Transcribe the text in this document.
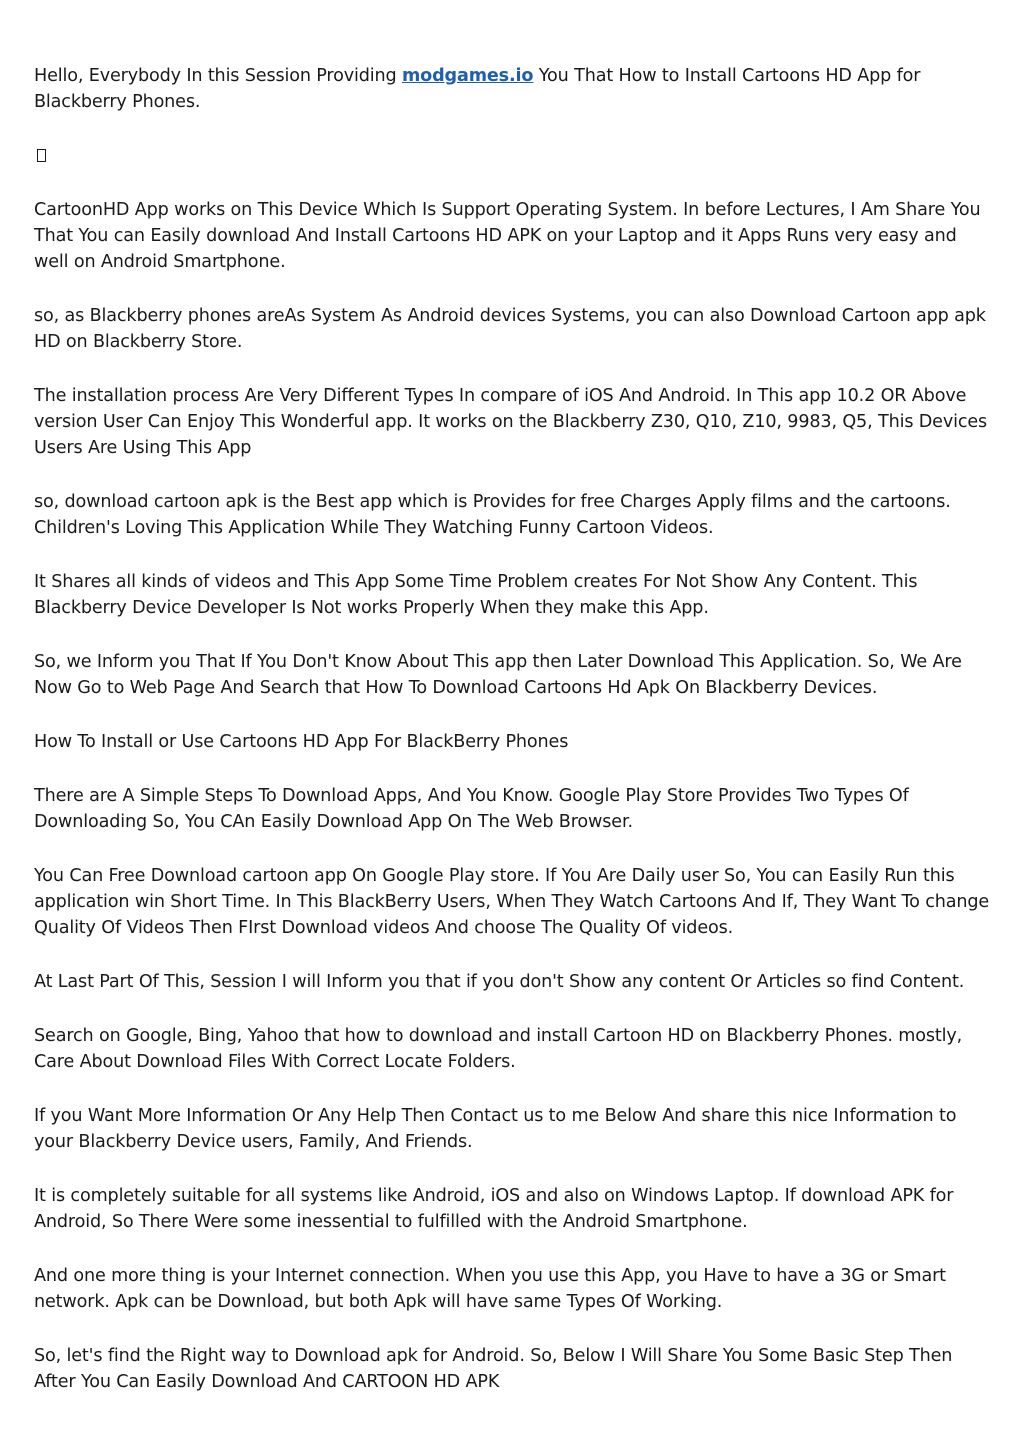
Hello, Everybody In this Session Providing modgames.io You That How to Install Cartoons HD App for Blackberry Phones.

CartoonHD App works on This Device Which Is Support Operating System. In before Lectures, I Am Share You That You can Easily download And Install Cartoons HD APK on your Laptop and it Apps Runs very easy and well on Android Smartphone.

so, as Blackberry phones areAs System As Android devices Systems, you can also Download Cartoon app apk HD on Blackberry Store.

The installation process Are Very Different Types In compare of iOS And Android. In This app 10.2 OR Above version User Can Enjoy This Wonderful app. It works on the Blackberry Z30, Q10, Z10, 9983, Q5, This Devices Users Are Using This App

so, download cartoon apk is the Best app which is Provides for free Charges Apply films and the cartoons. Children's Loving This Application While They Watching Funny Cartoon Videos.

It Shares all kinds of videos and This App Some Time Problem creates For Not Show Any Content. This Blackberry Device Developer Is Not works Properly When they make this App.

So, we Inform you That If You Don't Know About This app then Later Download This Application. So, We Are Now Go to Web Page And Search that How To Download Cartoons Hd Apk On Blackberry Devices.

How To Install or Use Cartoons HD App For BlackBerry Phones

There are A Simple Steps To Download Apps, And You Know. Google Play Store Provides Two Types Of Downloading So, You CAn Easily Download App On The Web Browser.

You Can Free Download cartoon app On Google Play store. If You Are Daily user So, You can Easily Run this application win Short Time. In This BlackBerry Users, When They Watch Cartoons And If, They Want To change Quality Of Videos Then FIrst Download videos And choose The Quality Of videos.

At Last Part Of This, Session I will Inform you that if you don't Show any content Or Articles so find Content.

Search on Google, Bing, Yahoo that how to download and install Cartoon HD on Blackberry Phones. mostly, Care About Download Files With Correct Locate Folders.

If you Want More Information Or Any Help Then Contact us to me Below And share this nice Information to your Blackberry Device users, Family, And Friends.

It is completely suitable for all systems like Android, iOS and also on Windows Laptop. If download APK for Android, So There Were some inessential to fulfilled with the Android Smartphone.

And one more thing is your Internet connection. When you use this App, you Have to have a 3G or Smart network. Apk can be Download, but both Apk will have same Types Of Working.

So, let's find the Right way to Download apk for Android. So, Below I Will Share You Some Basic Step Then After You Can Easily Download And CARTOON HD APK
